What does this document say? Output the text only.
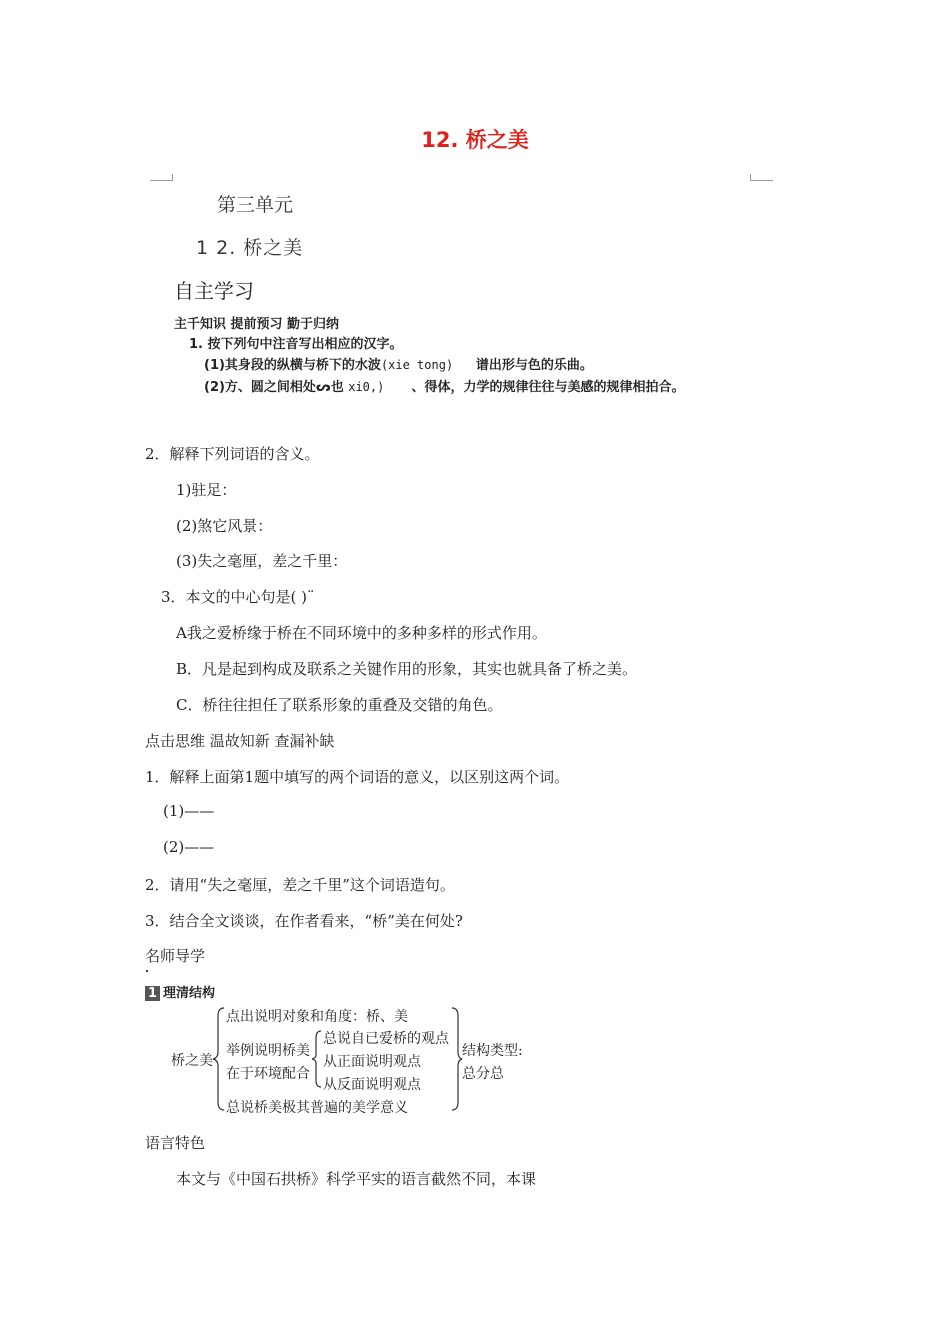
12. 桥之美
第三单元
1 2. 桥之美
自主学习
主千知识 提前预习 勤于归纳
1. 按下列句中注音写出相应的汉字。
(1)其身段的纵横与桥下的水波(xie tong) 谱出形与色的乐曲。
(2)方、圆之间相处ᔕ也 xi0,) 、得体，力学的规律往往与美感的规律相拍合。
2．解释下列词语的含义。
1)驻足：
(2)煞它风景：
(3)失之毫厘，差之千里：
3．本文的中心句是( )¨
A我之爱桥缘于桥在不同环境中的多种多样的形式作用。
B．凡是起到构成及联系之关键作用的形象，其实也就具备了桥之美。
C．桥往往担任了联系形象的重叠及交错的角色。
点击思维 温故知新 查漏补缺
1．解释上面第1题中填写的两个词语的意义，以区别这两个词。
(1)——
(2)——
2．请用“失之毫厘，差之千里”这个词语造句。
3．结合全文谈谈，在作者看来，“桥”美在何处?
名师导学
1 理清结构
桥之美
点出说明对象和角度：桥、美
举例说明桥美
在于环境配合
总说自已爱桥的观点
从正面说明观点
从反面说明观点
总说桥美极其普遍的美学意义
结构类型:
总分总
语言特色
本文与《中国石拱桥》科学平实的语言截然不同，本课
